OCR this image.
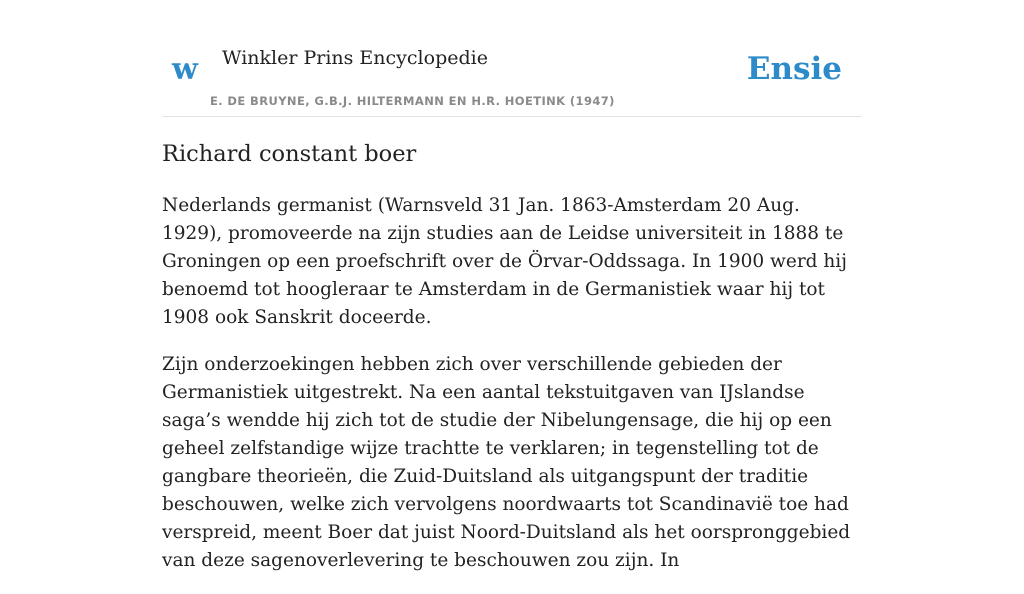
w Winkler Prins Encyclopedie
E. DE BRUYNE, G.B.J. HILTERMANN EN H.R. HOETINK (1947)
Ensie
Richard constant boer

Nederlands germanist (Warnsveld 31 Jan. 1863-Amsterdam 20 Aug. 1929), promoveerde na zijn studies aan de Leidse universiteit in 1888 te Groningen op een proefschrift over de Örvar-Oddssaga. In 1900 werd hij benoemd tot hoogleraar te Amsterdam in de Germanistiek waar hij tot 1908 ook Sanskrit doceerde.

Zijn onderzoekingen hebben zich over verschillende gebieden der Germanistiek uitgestrekt. Na een aantal tekstuitgaven van IJslandse saga’s wendde hij zich tot de studie der Nibelungensage, die hij op een geheel zelfstandige wijze trachtte te verklaren; in tegenstelling tot de gangbare theorieën, die Zuid-Duitsland als uitgangspunt der traditie beschouwen, welke zich vervolgens noordwaarts tot Scandinavië toe had verspreid, meent Boer dat juist Noord-Duitsland als het oorspronggebied van deze sagenoverlevering te beschouwen zou zijn. In
